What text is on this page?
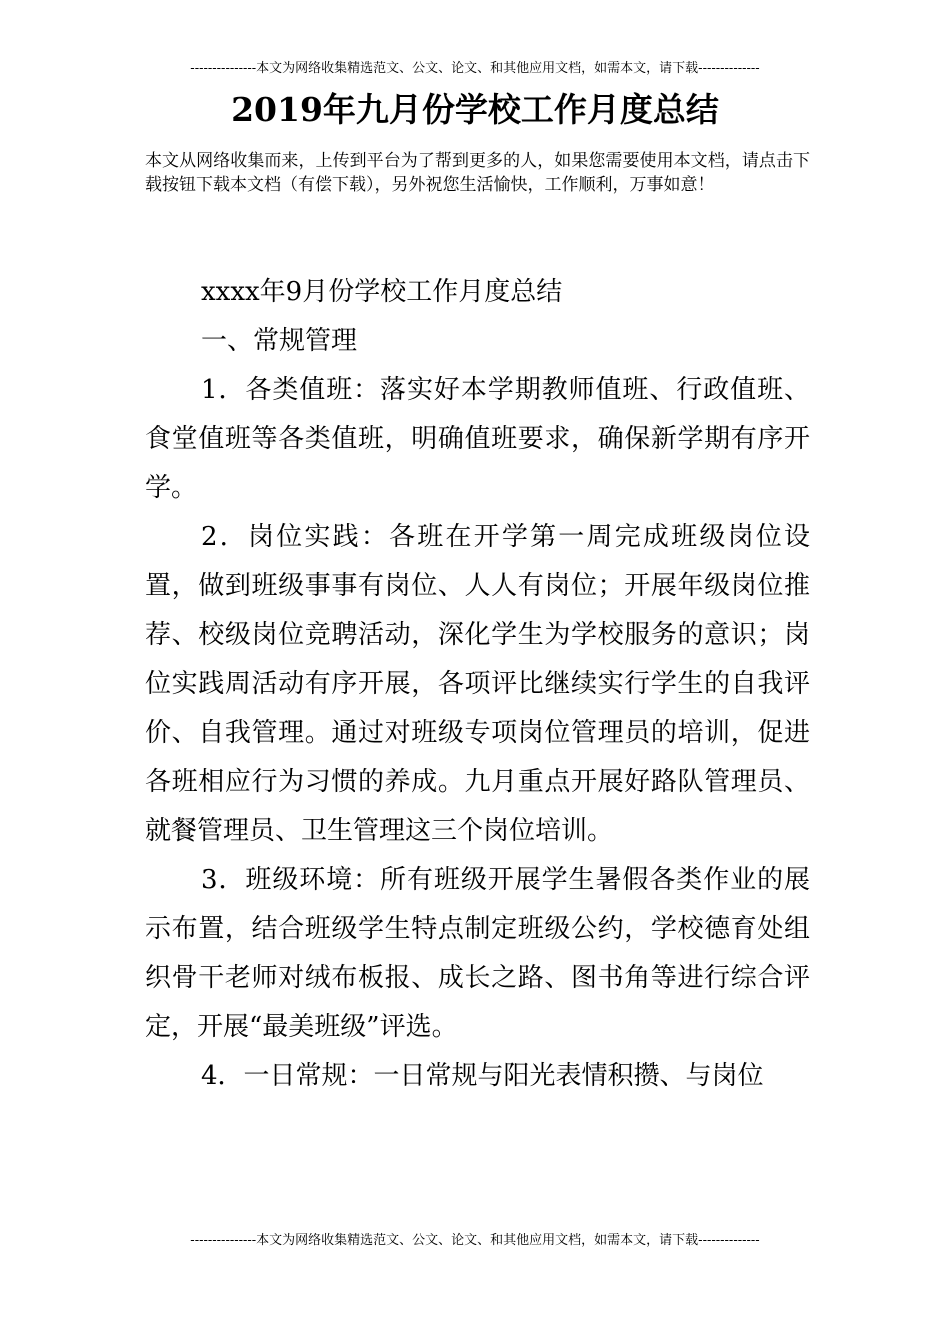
---------------本文为网络收集精选范文、公文、论文、和其他应用文档，如需本文，请下载--------------
2019年九月份学校工作月度总结

本文从网络收集而来，上传到平台为了帮到更多的人，如果您需要使用本文档，请点击下载按钮下载本文档（有偿下载），另外祝您生活愉快，工作顺利，万事如意！

xxxx年9月份学校工作月度总结

一、常规管理

1．各类值班：落实好本学期教师值班、行政值班、食堂值班等各类值班，明确值班要求，确保新学期有序开学。

2．岗位实践：各班在开学第一周完成班级岗位设置，做到班级事事有岗位、人人有岗位；开展年级岗位推荐、校级岗位竞聘活动，深化学生为学校服务的意识；岗位实践周活动有序开展，各项评比继续实行学生的自我评价、自我管理。通过对班级专项岗位管理员的培训，促进各班相应行为习惯的养成。九月重点开展好路队管理员、就餐管理员、卫生管理这三个岗位培训。

3．班级环境：所有班级开展学生暑假各类作业的展示布置，结合班级学生特点制定班级公约，学校德育处组织骨干老师对绒布板报、成长之路、图书角等进行综合评定，开展“最美班级”评选。

4．一日常规：一日常规与阳光表情积攒、与岗位

---------------本文为网络收集精选范文、公文、论文、和其他应用文档，如需本文，请下载--------------
